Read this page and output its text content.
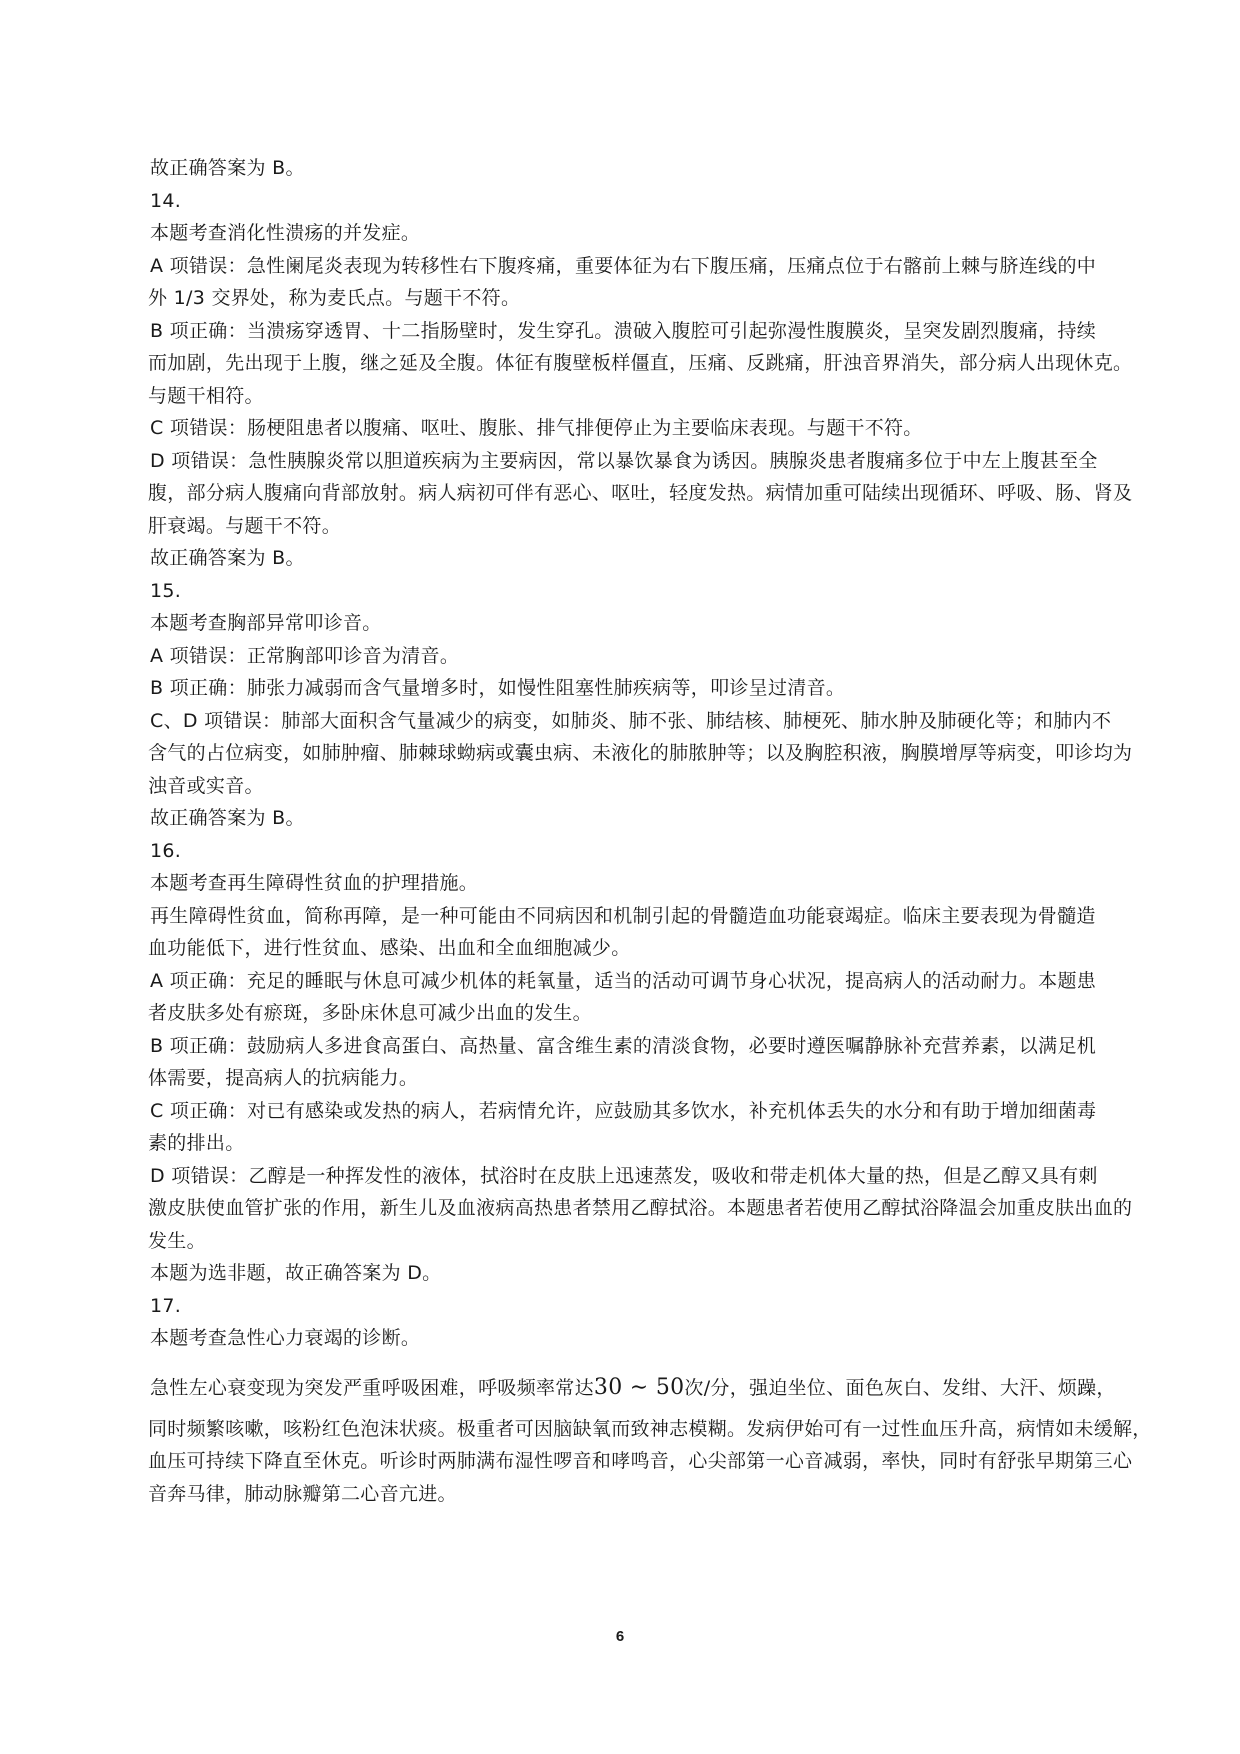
故正确答案为 B。
14.
本题考查消化性溃疡的并发症。
A 项错误：急性阑尾炎表现为转移性右下腹疼痛，重要体征为右下腹压痛，压痛点位于右髂前上棘与脐连线的中
外 1/3 交界处，称为麦氏点。与题干不符。
B 项正确：当溃疡穿透胃、十二指肠壁时，发生穿孔。溃破入腹腔可引起弥漫性腹膜炎，呈突发剧烈腹痛，持续
而加剧，先出现于上腹，继之延及全腹。体征有腹壁板样僵直，压痛、反跳痛，肝浊音界消失，部分病人出现休克。
与题干相符。
C 项错误：肠梗阻患者以腹痛、呕吐、腹胀、排气排便停止为主要临床表现。与题干不符。
D 项错误：急性胰腺炎常以胆道疾病为主要病因，常以暴饮暴食为诱因。胰腺炎患者腹痛多位于中左上腹甚至全
腹，部分病人腹痛向背部放射。病人病初可伴有恶心、呕吐，轻度发热。病情加重可陆续出现循环、呼吸、肠、肾及
肝衰竭。与题干不符。
故正确答案为 B。
15.
本题考查胸部异常叩诊音。
A 项错误：正常胸部叩诊音为清音。
B 项正确：肺张力减弱而含气量增多时，如慢性阻塞性肺疾病等，叩诊呈过清音。
C、D 项错误：肺部大面积含气量减少的病变，如肺炎、肺不张、肺结核、肺梗死、肺水肿及肺硬化等；和肺内不
含气的占位病变，如肺肿瘤、肺棘球蚴病或囊虫病、未液化的肺脓肿等；以及胸腔积液，胸膜增厚等病变，叩诊均为
浊音或实音。
故正确答案为 B。
16.
本题考查再生障碍性贫血的护理措施。
再生障碍性贫血，简称再障，是一种可能由不同病因和机制引起的骨髓造血功能衰竭症。临床主要表现为骨髓造
血功能低下，进行性贫血、感染、出血和全血细胞减少。
A 项正确：充足的睡眠与休息可减少机体的耗氧量，适当的活动可调节身心状况，提高病人的活动耐力。本题患
者皮肤多处有瘀斑，多卧床休息可减少出血的发生。
B 项正确：鼓励病人多进食高蛋白、高热量、富含维生素的清淡食物，必要时遵医嘱静脉补充营养素，以满足机
体需要，提高病人的抗病能力。
C 项正确：对已有感染或发热的病人，若病情允许，应鼓励其多饮水，补充机体丢失的水分和有助于增加细菌毒
素的排出。
D 项错误：乙醇是一种挥发性的液体，拭浴时在皮肤上迅速蒸发，吸收和带走机体大量的热，但是乙醇又具有刺
激皮肤使血管扩张的作用，新生儿及血液病高热患者禁用乙醇拭浴。本题患者若使用乙醇拭浴降温会加重皮肤出血的
发生。
本题为选非题，故正确答案为 D。
17.
本题考查急性心力衰竭的诊断。
急性左心衰变现为突发严重呼吸困难，呼吸频率常达30 ∼ 50次/分，强迫坐位、面色灰白、发绀、大汗、烦躁，
同时频繁咳嗽，咳粉红色泡沫状痰。极重者可因脑缺氧而致神志模糊。发病伊始可有一过性血压升高，病情如未缓解，
血压可持续下降直至休克。听诊时两肺满布湿性啰音和哮鸣音，心尖部第一心音减弱，率快，同时有舒张早期第三心
音奔马律，肺动脉瓣第二心音亢进。
6
